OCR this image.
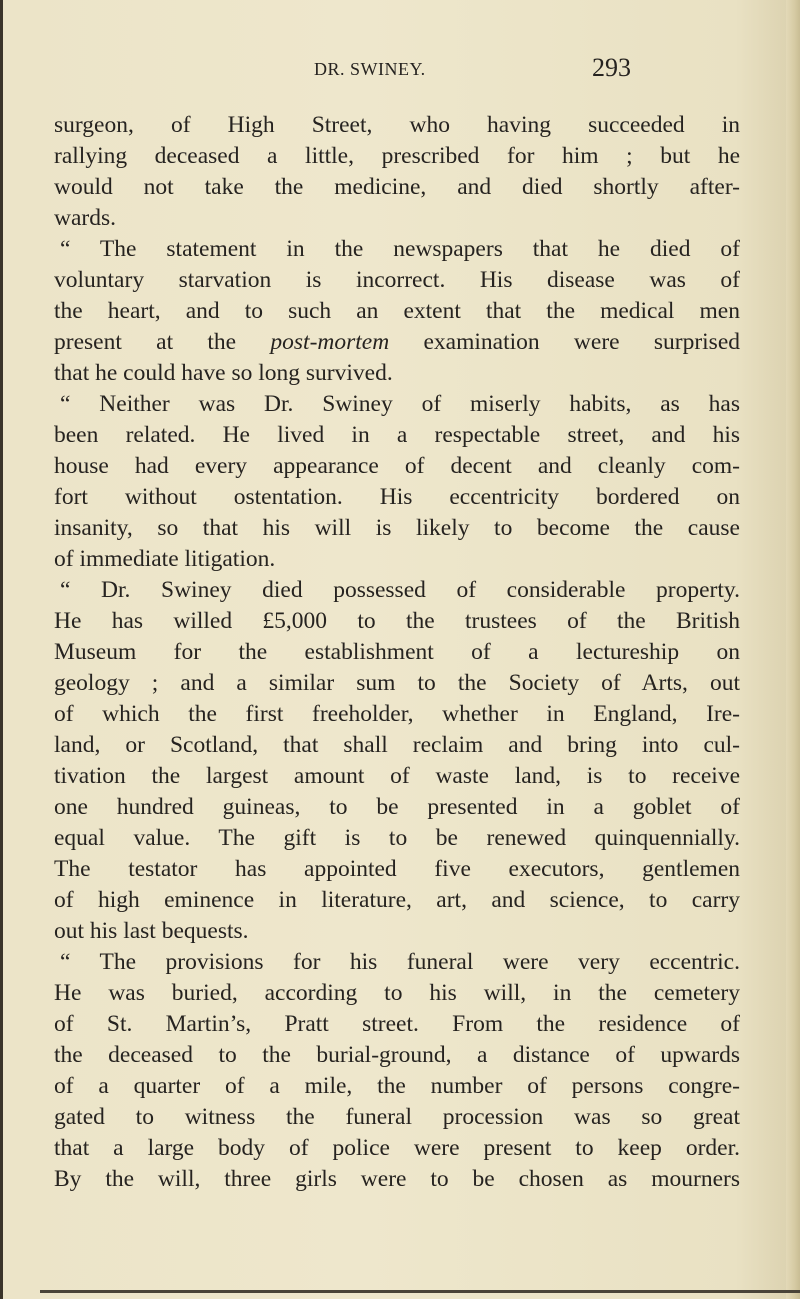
DR. SWINEY.	293
surgeon, of High Street, who having succeeded in
rallying deceased a little, prescribed for him ; but he
would not take the medicine, and died shortly after-
wards.
“ The statement in the newspapers that he died of
voluntary starvation is incorrect. His disease was of
the heart, and to such an extent that the medical men
present at the post-mortem examination were surprised
that he could have so long survived.
“ Neither was Dr. Swiney of miserly habits, as has
been related. He lived in a respectable street, and his
house had every appearance of decent and cleanly com-
fort without ostentation. His eccentricity bordered on
insanity, so that his will is likely to become the cause
of immediate litigation.
“ Dr. Swiney died possessed of considerable property.
He has willed £5,000 to the trustees of the British
Museum for the establishment of a lectureship on
geology ; and a similar sum to the Society of Arts, out
of which the first freeholder, whether in England, Ire-
land, or Scotland, that shall reclaim and bring into cul-
tivation the largest amount of waste land, is to receive
one hundred guineas, to be presented in a goblet of
equal value. The gift is to be renewed quinquennially.
The testator has appointed five executors, gentlemen
of high eminence in literature, art, and science, to carry
out his last bequests.
“ The provisions for his funeral were very eccentric.
He was buried, according to his will, in the cemetery
of St. Martin’s, Pratt street. From the residence of
the deceased to the burial-ground, a distance of upwards
of a quarter of a mile, the number of persons congre-
gated to witness the funeral procession was so great
that a large body of police were present to keep order.
By the will, three girls were to be chosen as mourners
